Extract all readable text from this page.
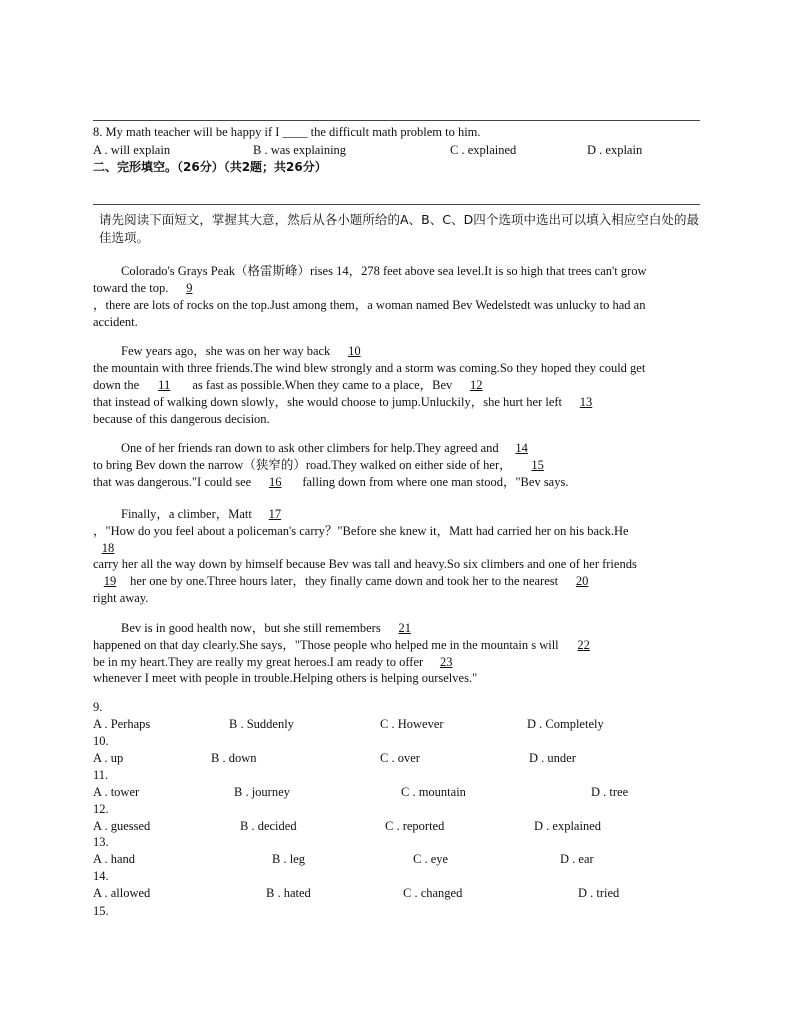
8. My math teacher will be happy if I ____ the difficult math problem to him.
A . will explain	B . was explaining	C . explained	D . explain
二、完形填空。（26分）（共2题；共26分）
请先阅读下面短文，掌握其大意，然后从各小题所给的A、B、C、D四个选项中选出可以填入相应空白处的最佳选项。
Colorado's Grays Peak（格雷斯峰）rises 14，278 feet above sea level.It is so high that trees can't grow
toward the top. 9
，there are lots of rocks on the top.Just among them，a woman named Bev Wedelstedt was unlucky to had an
accident.
Few years ago，she was on her way back 10
the mountain with three friends.The wind blew strongly and a storm was coming.So they hoped they could get
down the 11 as fast as possible.When they came to a place，Bev 12
that instead of walking down slowly，she would choose to jump.Unluckily，she hurt her left 13
because of this dangerous decision.
One of her friends ran down to ask other climbers for help.They agreed and 14
to bring Bev down the narrow（狭窄的）road.They walked on either side of her， 15
that was dangerous."I could see 16 falling down from where one man stood，"Bev says.
Finally，a climber，Matt 17
，"How do you feel about a policeman's carry？"Before she knew it，Matt had carried her on his back.He
18
carry her all the way down by himself because Bev was tall and heavy.So six climbers and one of her friends
19 her one by one.Three hours later，they finally came down and took her to the nearest 20
right away.
Bev is in good health now，but she still remembers 21
happened on that day clearly.She says，"Those people who helped me in the mountain s will 22
be in my heart.They are really my great heroes.I am ready to offer 23
whenever I meet with people in trouble.Helping others is helping ourselves."
9.
A . Perhaps	B . Suddenly	C . However	D . Completely
10.
A . up	B . down	C . over	D . under
11.
A . tower	B . journey	C . mountain	D . tree
12.
A . guessed	B . decided	C . reported	D . explained
13.
A . hand	B . leg	C . eye	D . ear
14.
A . allowed	B . hated	C . changed	D . tried
15.
